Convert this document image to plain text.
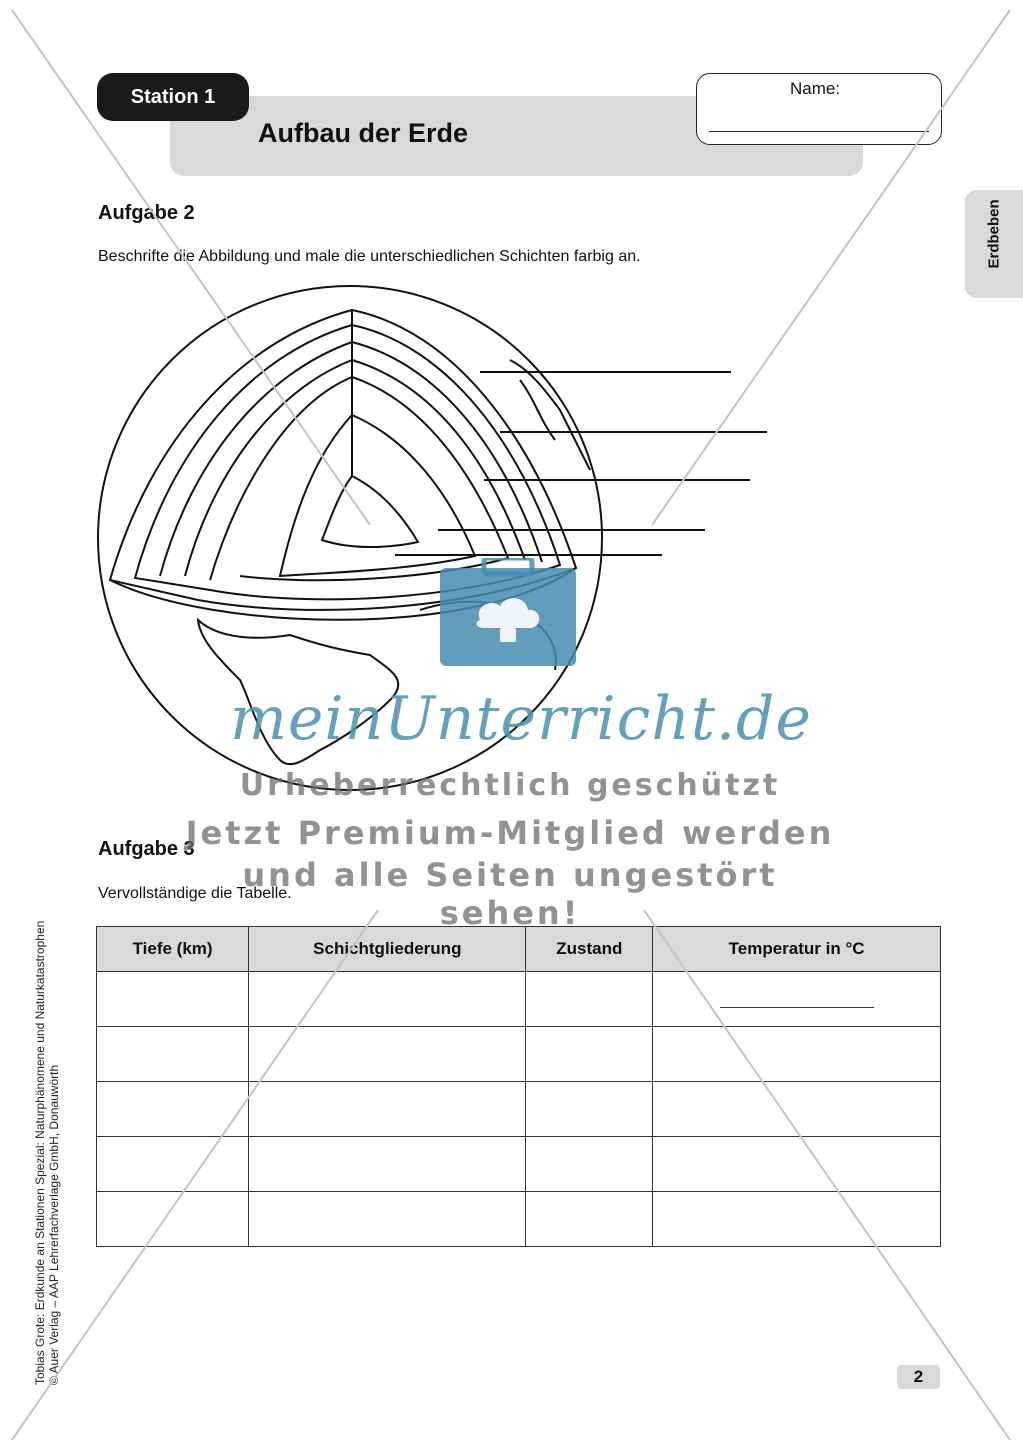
Station 1
Aufbau der Erde
Name:
Erdbeben
Aufgabe 2
Beschrifte die Abbildung und male die unterschiedlichen Schichten farbig an.
Aufgabe 3
Vervollständige die Tabelle.
Tiefe (km)	Schichtgliederung	Zustand	Temperatur in °C

Tobias Grote: Erdkunde an Stationen Spezial: Naturphänomene und Naturkatastrophen © Auer Verlag – AAP Lehrerfachverlage GmbH, Donauwörth	2
meinUnterricht.de
Urheberrechtlich geschützt
Jetzt Premium-Mitglied werden
und alle Seiten ungestört sehen!
